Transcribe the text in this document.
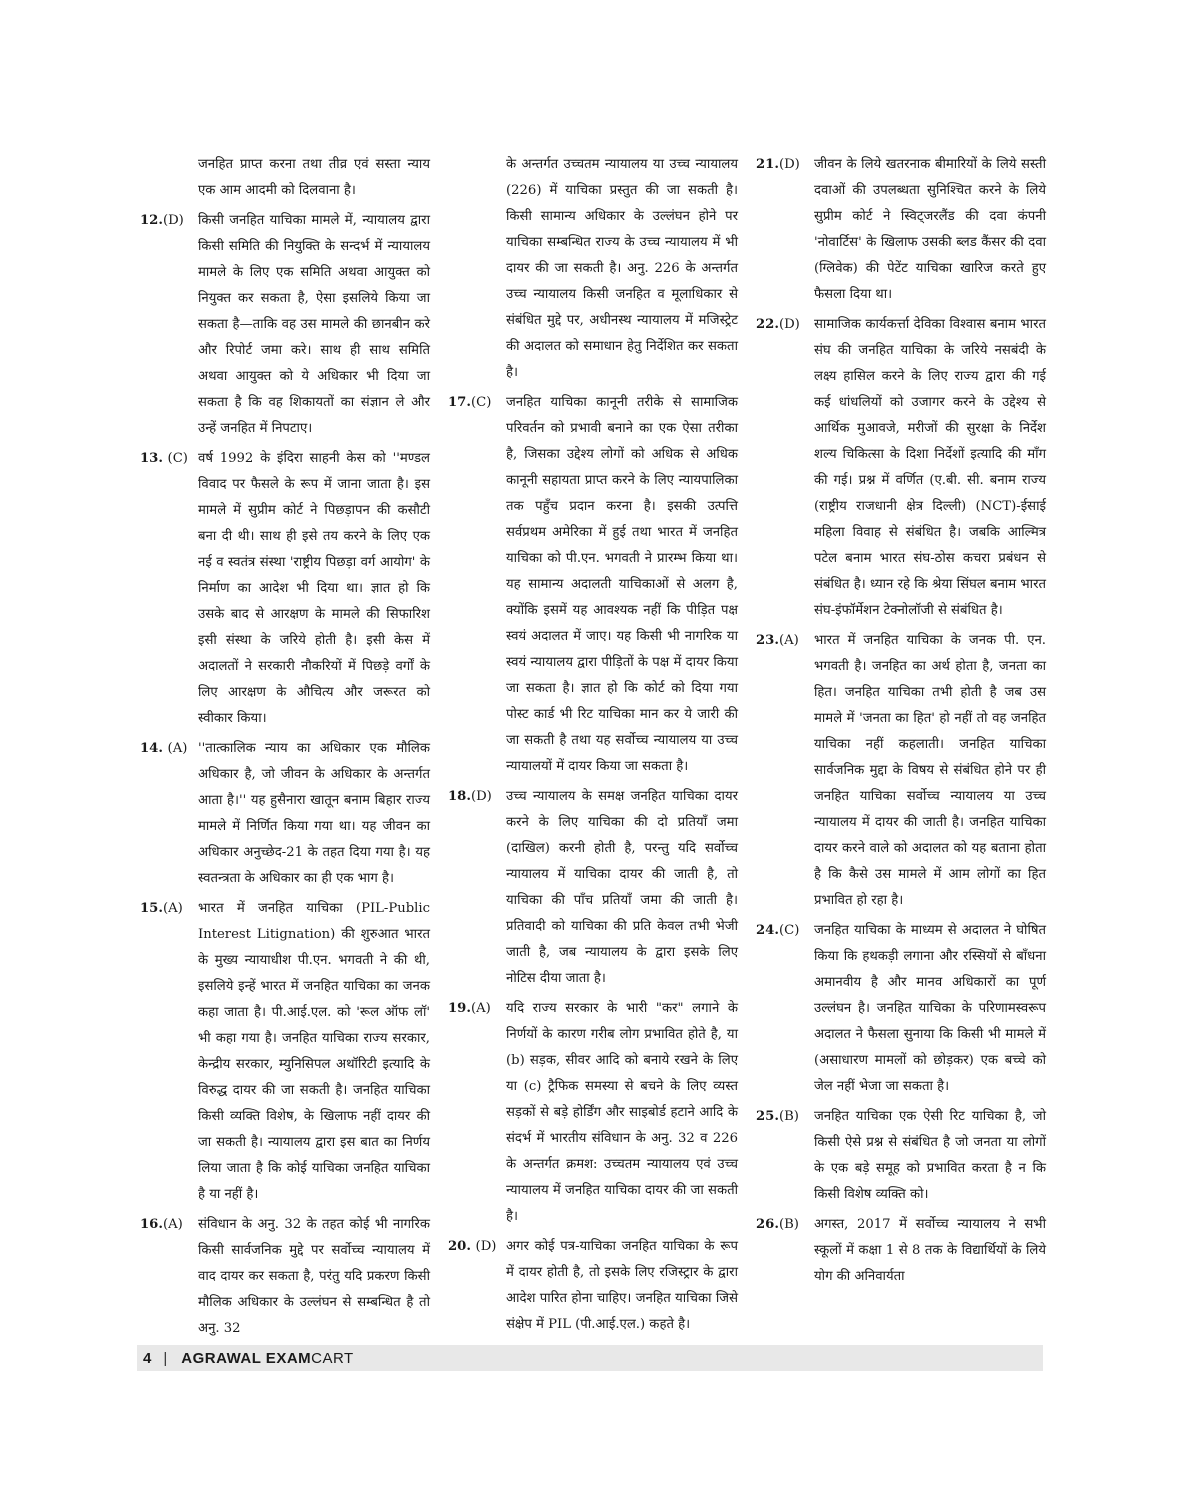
जनहित प्राप्त करना तथा तीव्र एवं सस्ता न्याय एक आम आदमी को दिलवाना है।
12.(D)	किसी जनहित याचिका मामले में, न्यायालय द्वारा किसी समिति की नियुक्ति के सन्दर्भ में न्यायालय मामले के लिए एक समिति अथवा आयुक्त को नियुक्त कर सकता है, ऐसा इसलिये किया जा सकता है—ताकि वह उस मामले की छानबीन करे और रिपोर्ट जमा करे। साथ ही साथ समिति अथवा आयुक्त को ये अधिकार भी दिया जा सकता है कि वह शिकायतों का संज्ञान ले और उन्हें जनहित में निपटाए।
13. (C) वर्ष 1992 के इंदिरा साहनी केस को ''मण्डल विवाद पर फैसले के रूप में जाना जाता है। इस मामले में सुप्रीम कोर्ट ने पिछड़ापन की कसौटी बना दी थी। साथ ही इसे तय करने के लिए एक नई व स्वतंत्र संस्था 'राष्ट्रीय पिछड़ा वर्ग आयोग' के निर्माण का आदेश भी दिया था। ज्ञात हो कि उसके बाद से आरक्षण के मामले की सिफारिश इसी संस्था के जरिये होती है। इसी केस में अदालतों ने सरकारी नौकरियों में पिछड़े वर्गों के लिए आरक्षण के औचित्य और जरूरत को स्वीकार किया।
14. (A) ''तात्कालिक न्याय का अधिकार एक मौलिक अधिकार है, जो जीवन के अधिकार के अन्तर्गत आता है।'' यह हुसैनारा खातून बनाम बिहार राज्य मामले में निर्णित किया गया था। यह जीवन का अधिकार अनुच्छेद-21 के तहत दिया गया है। यह स्वतन्त्रता के अधिकार का ही एक भाग है।
15.(A)	भारत में जनहित याचिका (PIL-Public Interest Litignation) की शुरुआत भारत के मुख्य न्यायाधीश पी.एन. भगवती ने की थी, इसलिये इन्हें भारत में जनहित याचिका का जनक कहा जाता है। पी.आई.एल. को 'रूल ऑफ लॉ' भी कहा गया है। जनहित याचिका राज्य सरकार, केन्द्रीय सरकार, म्युनिसिपल अथॉरिटी इत्यादि के विरुद्ध दायर की जा सकती है। जनहित याचिका किसी व्यक्ति विशेष, के खिलाफ नहीं दायर की जा सकती है। न्यायालय द्वारा इस बात का निर्णय लिया जाता है कि कोई याचिका जनहित याचिका है या नहीं है।
16.(A)	संविधान के अनु. 32 के तहत कोई भी नागरिक किसी सार्वजनिक मुद्दे पर सर्वोच्च न्यायालय में वाद दायर कर सकता है, परंतु यदि प्रकरण किसी मौलिक अधिकार के उल्लंघन से सम्बन्धित है तो अनु. 32
के अन्तर्गत उच्चतम न्यायालय या उच्च न्यायालय (226) में याचिका प्रस्तुत की जा सकती है। किसी सामान्य अधिकार के उल्लंघन होने पर याचिका सम्बन्धित राज्य के उच्च न्यायालय में भी दायर की जा सकती है। अनु. 226 के अन्तर्गत उच्च न्यायालय किसी जनहित व मूलाधिकार से संबंधित मुद्दे पर, अधीनस्थ न्यायालय में मजिस्ट्रेट की अदालत को समाधान हेतु निर्देशित कर सकता है।
17.(C)	जनहित याचिका कानूनी तरीके से सामाजिक परिवर्तन को प्रभावी बनाने का एक ऐसा तरीका है, जिसका उद्देश्य लोगों को अधिक से अधिक कानूनी सहायता प्राप्त करने के लिए न्यायपालिका तक पहुँच प्रदान करना है। इसकी उत्पत्ति सर्वप्रथम अमेरिका में हुई तथा भारत में जनहित याचिका को पी.एन. भगवती ने प्रारम्भ किया था। यह सामान्य अदालती याचिकाओं से अलग है, क्योंकि इसमें यह आवश्यक नहीं कि पीड़ित पक्ष स्वयं अदालत में जाए। यह किसी भी नागरिक या स्वयं न्यायालय द्वारा पीड़ितों के पक्ष में दायर किया जा सकता है। ज्ञात हो कि कोर्ट को दिया गया पोस्ट कार्ड भी रिट याचिका मान कर ये जारी की जा सकती है तथा यह सर्वोच्च न्यायालय या उच्च न्यायालयों में दायर किया जा सकता है।
18.(D)	उच्च न्यायालय के समक्ष जनहित याचिका दायर करने के लिए याचिका की दो प्रतियाँ जमा (दाखिल) करनी होती है, परन्तु यदि सर्वोच्च न्यायालय में याचिका दायर की जाती है, तो याचिका की पाँच प्रतियाँ जमा की जाती है। प्रतिवादी को याचिका की प्रति केवल तभी भेजी जाती है, जब न्यायालय के द्वारा इसके लिए नोटिस दीया जाता है।
19.(A)	यदि राज्य सरकार के भारी "कर" लगाने के निर्णयों के कारण गरीब लोग प्रभावित होते है, या (b) सड़क, सीवर आदि को बनाये रखने के लिए या (c) ट्रैफिक समस्या से बचने के लिए व्यस्त सड़कों से बड़े होर्डिंग और साइबोर्ड हटाने आदि के संदर्भ में भारतीय संविधान के अनु. 32 व 226 के अन्तर्गत क्रमश: उच्चतम न्यायालय एवं उच्च न्यायालय में जनहित याचिका दायर की जा सकती है।
20. (D) अगर कोई पत्र-याचिका जनहित याचिका के रूप में दायर होती है, तो इसके लिए रजिस्ट्रार के द्वारा आदेश पारित होना चाहिए। जनहित याचिका जिसे संक्षेप में PIL (पी.आई.एल.) कहते है।
21.(D)	जीवन के लिये खतरनाक बीमारियों के लिये सस्ती दवाओं की उपलब्धता सुनिश्चित करने के लिये सुप्रीम कोर्ट ने स्विट्जरलैंड की दवा कंपनी 'नोवार्टिस' के खिलाफ उसकी ब्लड कैंसर की दवा (ग्लिवेक) की पेटेंट याचिका खारिज करते हुए फैसला दिया था।
22.(D)	सामाजिक कार्यकर्त्ता देविका विश्वास बनाम भारत संघ की जनहित याचिका के जरिये नसबंदी के लक्ष्य हासिल करने के लिए राज्य द्वारा की गई कई धांधलियों को उजागर करने के उद्देश्य से आर्थिक मुआवजे, मरीजों की सुरक्षा के निर्देश शल्य चिकित्सा के दिशा निर्देशों इत्यादि की माँग की गई। प्रश्न में वर्णित (ए.बी. सी. बनाम राज्य (राष्ट्रीय राजधानी क्षेत्र दिल्ली) (NCT)-ईसाई महिला विवाह से संबंधित है। जबकि आल्मित्र पटेल बनाम भारत संघ-ठोस कचरा प्रबंधन से संबंधित है। ध्यान रहे कि श्रेया सिंघल बनाम भारत संघ-इंफॉर्मेशन टेक्नोलॉजी से संबंधित है।
23.(A)	भारत में जनहित याचिका के जनक पी. एन. भगवती है। जनहित का अर्थ होता है, जनता का हित। जनहित याचिका तभी होती है जब उस मामले में 'जनता का हित' हो नहीं तो वह जनहित याचिका नहीं कहलाती। जनहित याचिका सार्वजनिक मुद्दा के विषय से संबंधित होने पर ही जनहित याचिका सर्वोच्च न्यायालय या उच्च न्यायालय में दायर की जाती है। जनहित याचिका दायर करने वाले को अदालत को यह बताना होता है कि कैसे उस मामले में आम लोगों का हित प्रभावित हो रहा है।
24.(C)	जनहित याचिका के माध्यम से अदालत ने घोषित किया कि हथकड़ी लगाना और रस्सियों से बाँधना अमानवीय है और मानव अधिकारों का पूर्ण उल्लंघन है। जनहित याचिका के परिणामस्वरूप अदालत ने फैसला सुनाया कि किसी भी मामले में (असाधारण मामलों को छोड़कर) एक बच्चे को जेल नहीं भेजा जा सकता है।
25.(B)	जनहित याचिका एक ऐसी रिट याचिका है, जो किसी ऐसे प्रश्न से संबंधित है जो जनता या लोगों के एक बड़े समूह को प्रभावित करता है न कि किसी विशेष व्यक्ति को।
26.(B)	अगस्त, 2017 में सर्वोच्च न्यायालय ने सभी स्कूलों में कक्षा 1 से 8 तक के विद्यार्थियों के लिये योग की अनिवार्यता
4 | AGRAWAL EXAMCART
